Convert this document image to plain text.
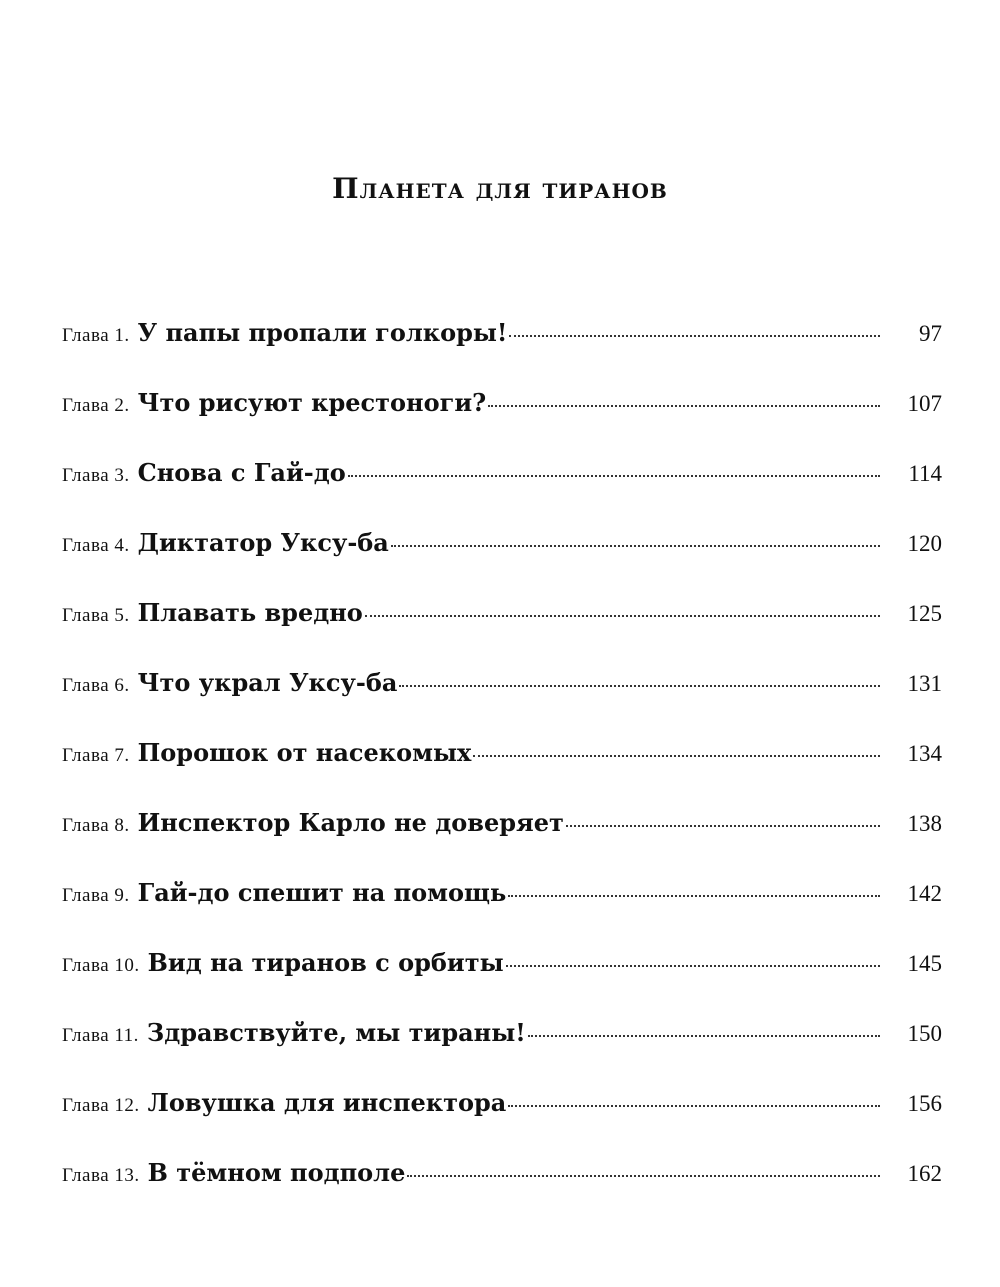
Планета для тиранов
Глава 1. У папы пропали голкоры!	97
Глава 2. Что рисуют крестоноги?	107
Глава 3. Снова с Гай-до	114
Глава 4. Диктатор Уксу-ба	120
Глава 5. Плавать вредно	125
Глава 6. Что украл Уксу-ба	131
Глава 7. Порошок от насекомых	134
Глава 8. Инспектор Карло не доверяет	138
Глава 9. Гай-до спешит на помощь	142
Глава 10. Вид на тиранов с орбиты	145
Глава 11. Здравствуйте, мы тираны!	150
Глава 12. Ловушка для инспектора	156
Глава 13. В тёмном подполе	162
